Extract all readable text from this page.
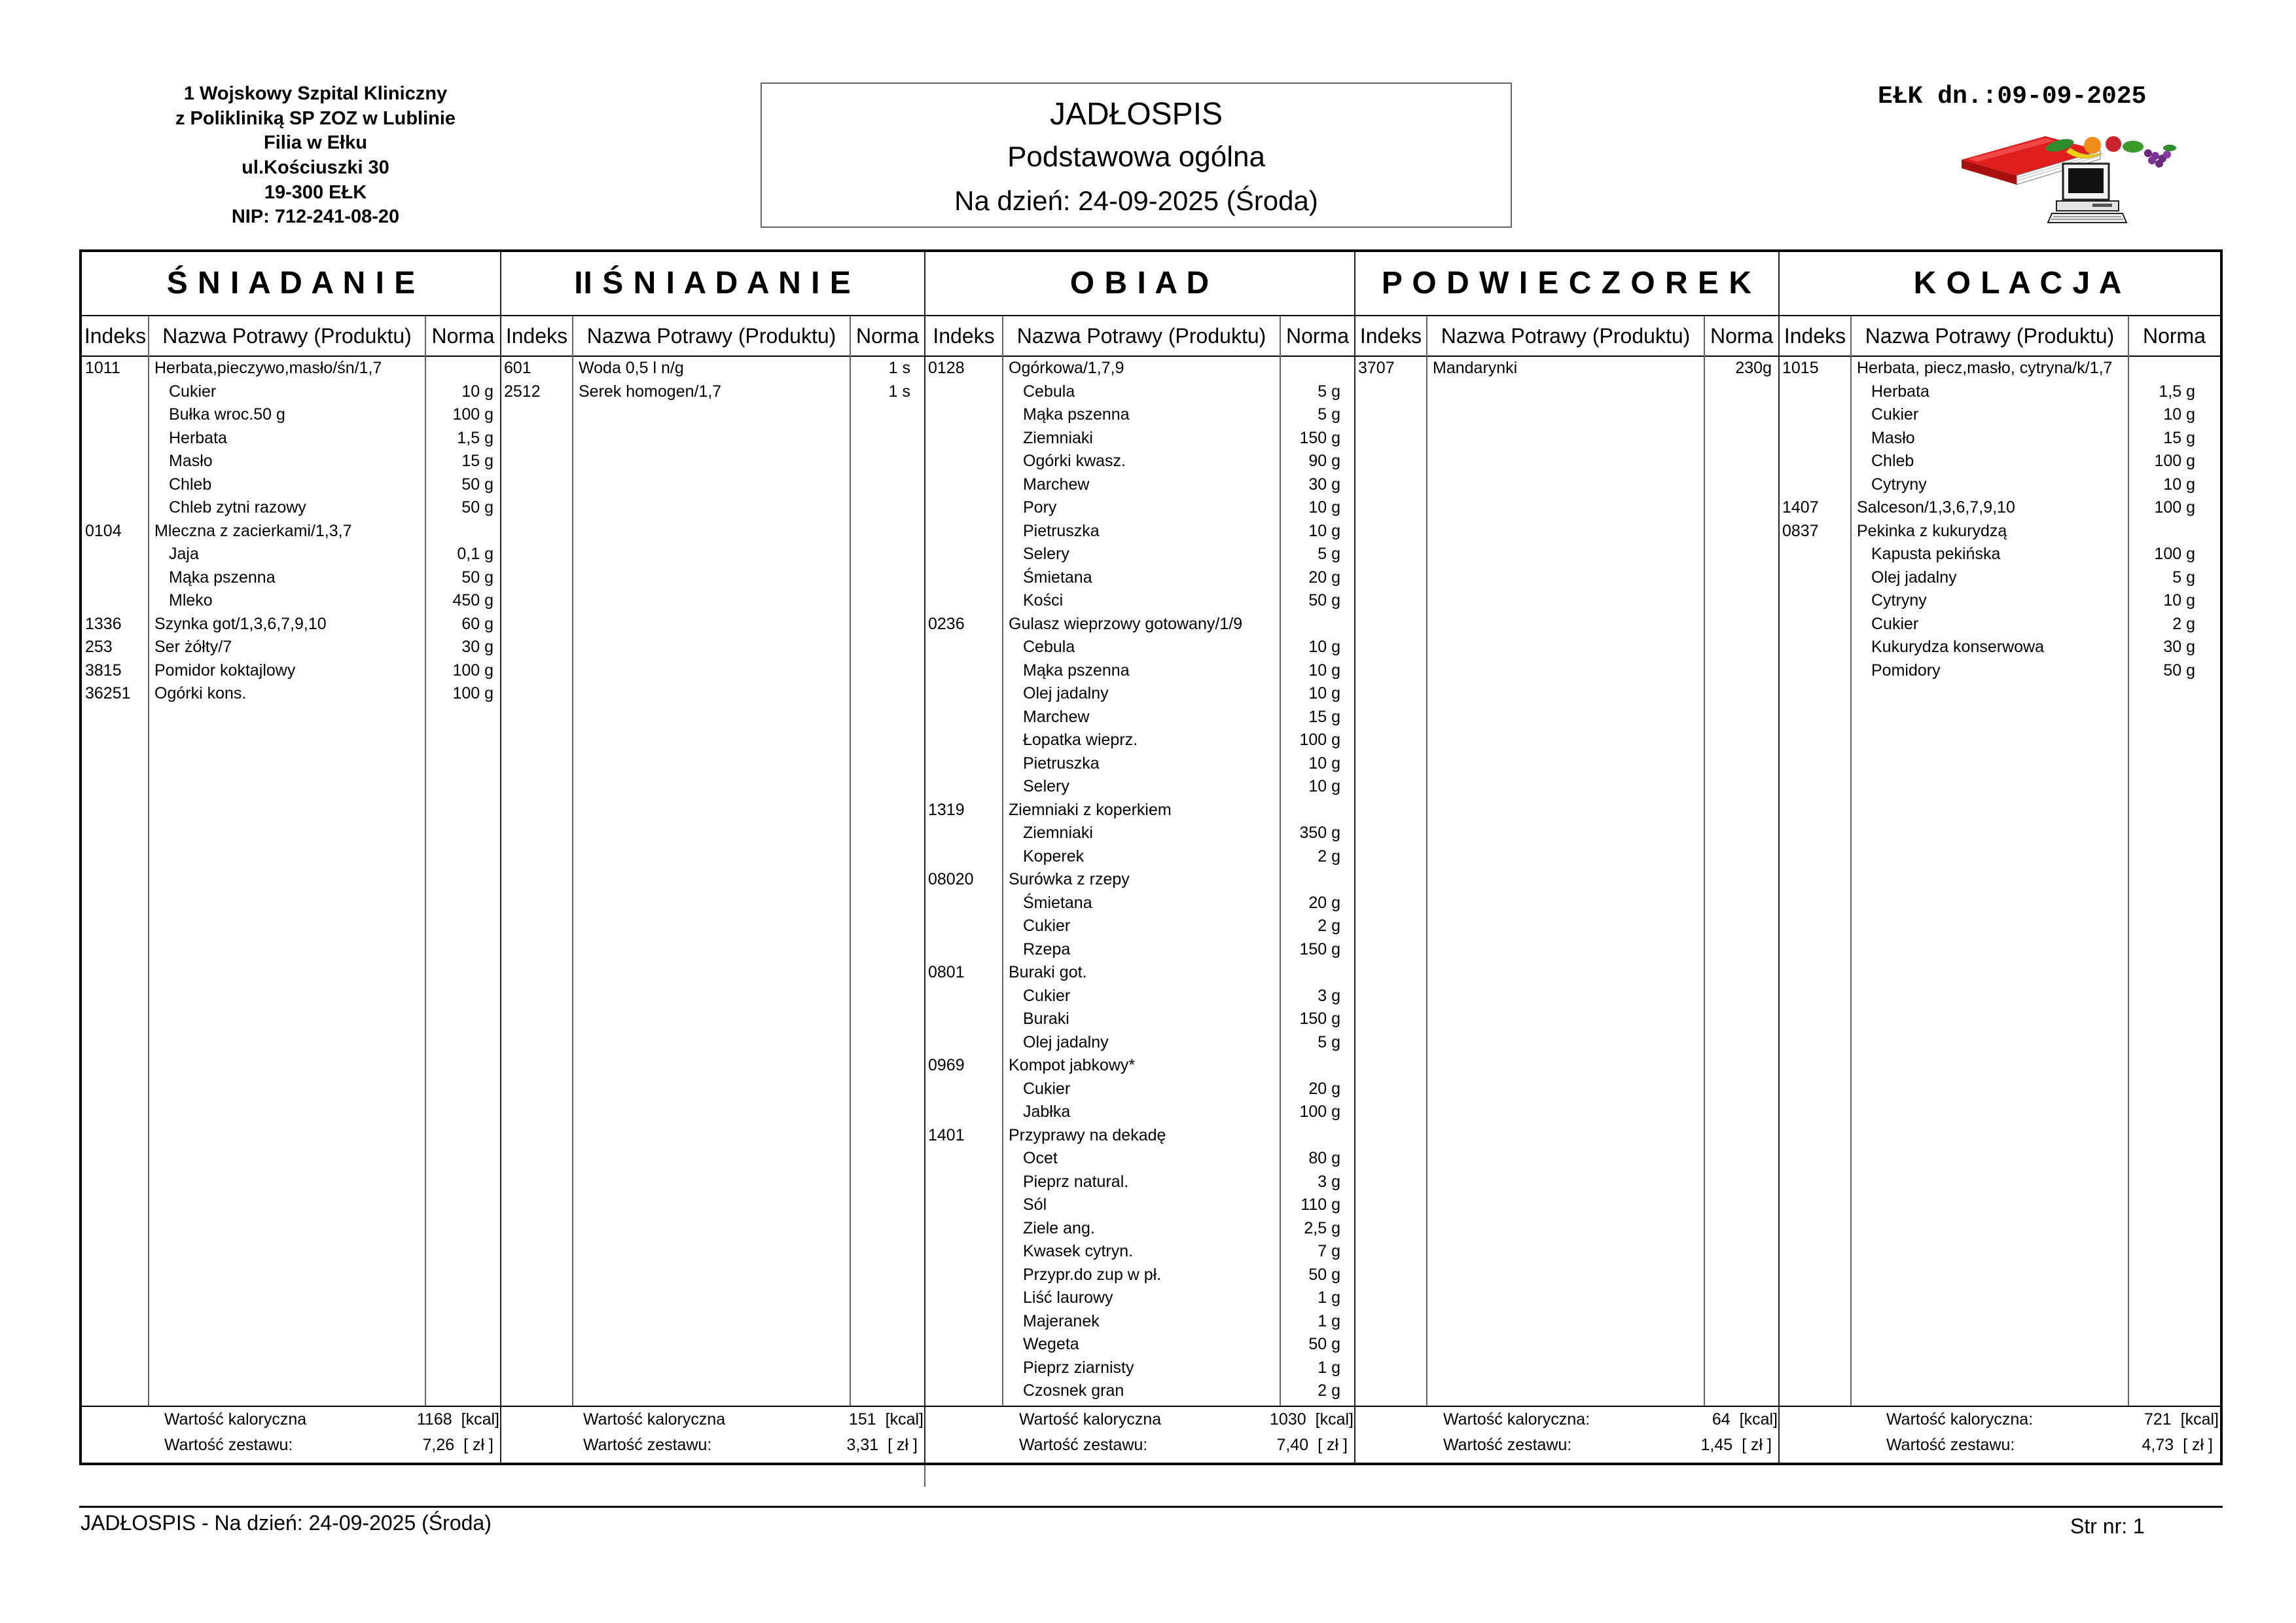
1 Wojskowy Szpital Kliniczny
z Polikliniką SP ZOZ w Lublinie
Filia w Ełku
ul.Kościuszki 30
19-300 EŁK
NIP: 712-241-08-20
JADŁOSPIS
Podstawowa ogólna
Na dzień: 24-09-2025 (Środa)
EŁK dn.:09-09-2025
Ś N I A D A N I E
Indeks Nazwa Potrawy (Produktu) Norma
1011	Herbata,pieczywo,masło/śn/1,7
Cukier	10 g
Bułka wroc.50 g	100 g
Herbata	1,5 g
Masło	15 g
Chleb	50 g
Chleb zytni razowy	50 g
0104	Mleczna z zacierkami/1,3,7
Jaja	0,1 g
Mąka pszenna	50 g
Mleko	450 g
1336	Szynka got/1,3,6,7,9,10	60 g
253	Ser żółty/7	30 g
3815	Pomidor koktajlowy	100 g
36251	Ogórki kons.	100 g
Wartość kaloryczna	1168 [kcal]
Wartość zestawu:	7,26 [ zł ]
II Ś N I A D A N I E
Indeks Nazwa Potrawy (Produktu) Norma
601	Woda 0,5 l n/g	1 s
2512	Serek homogen/1,7	1 s
Wartość kaloryczna	151 [kcal]
Wartość zestawu:	3,31 [ zł ]
O B I A D
Indeks	Nazwa Potrawy (Produktu) Norma
0128	Ogórkowa/1,7,9
Cebula	5 g
Mąka pszenna	5 g
Ziemniaki	150 g
Ogórki kwasz.	90 g
Marchew	30 g
Pory	10 g
Pietruszka	10 g
Selery	5 g
Śmietana	20 g
Kości	50 g
0236	Gulasz wieprzowy gotowany/1/9
Cebula	10 g
Mąka pszenna	10 g
Olej jadalny	10 g
Marchew	15 g
Łopatka wieprz.	100 g
Pietruszka	10 g
Selery	10 g
1319	Ziemniaki z koperkiem
Ziemniaki	350 g
Koperek	2 g
08020	Surówka z rzepy
Śmietana	20 g
Cukier	2 g
Rzepa	150 g
0801	Buraki got.
Cukier	3 g
Buraki	150 g
Olej jadalny	5 g
0969	Kompot jabkowy*
Cukier	20 g
Jabłka	100 g
1401	Przyprawy na dekadę
Ocet	80 g
Pieprz natural.	3 g
Sól	110 g
Ziele ang.	2,5 g
Kwasek cytryn.	7 g
Przypr.do zup w pł.	50 g
Liść laurowy	1 g
Majeranek	1 g
Wegeta	50 g
Pieprz ziarnisty	1 g
Czosnek gran	2 g
Wartość kaloryczna	1030 [kcal]
Wartość zestawu:	7,40 [ zł ]
P O D W I E C Z O R E K
Indeks Nazwa Potrawy (Produktu) Norma
3707	Mandarynki	230g
Wartość kaloryczna:	64 [kcal]
Wartość zestawu:	1,45 [ zł ]
K O L A C J A
Indeks Nazwa Potrawy (Produktu)	Norma
1015	Herbata, piecz,masło, cytryna/k/1,7
Herbata	1,5 g
Cukier	10 g
Masło	15 g
Chleb	100 g
Cytryny	10 g
1407	Salceson/1,3,6,7,9,10	100 g
0837	Pekinka z kukurydzą
Kapusta pekińska	100 g
Olej jadalny	5 g
Cytryny	10 g
Cukier	2 g
Kukurydza konserwowa	30 g
Pomidory	50 g
Wartość kaloryczna:	721 [kcal]
Wartość zestawu:	4,73 [ zł ]
JADŁOSPIS - Na dzień: 24-09-2025 (Środa)	Str nr: 1
